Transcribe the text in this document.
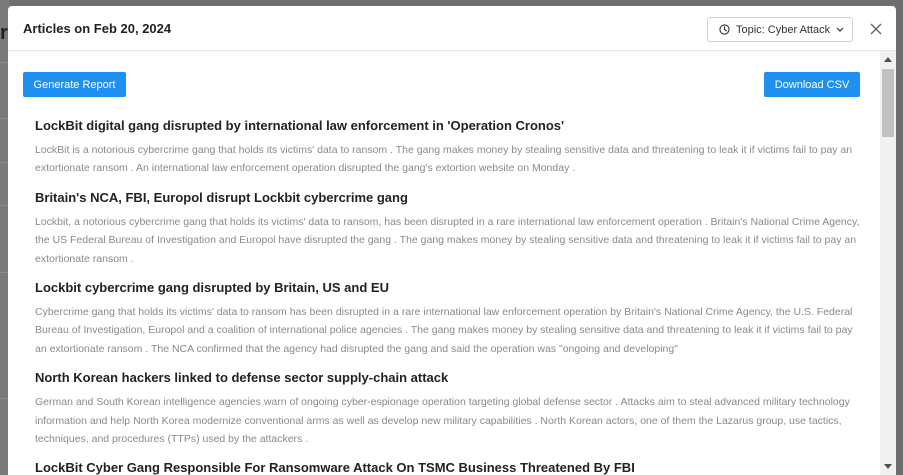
r Articles on Feb 20, 2024	Topic: Cyber Attack
Generate Report	Download CSV

LockBit digital gang disrupted by international law enforcement in 'Operation Cronos'

LockBit is a notorious cybercrime gang that holds its victims' data to ransom . The gang makes money by stealing sensitive data and threatening to leak it if victims fail to pay an extortionate ransom . An international law enforcement operation disrupted the gang's extortion website on Monday .

Britain's NCA, FBI, Europol disrupt Lockbit cybercrime gang

Lockbit, a notorious cybercrime gang that holds its victims' data to ransom, has been disrupted in a rare international law enforcement operation . Britain's National Crime Agency, the US Federal Bureau of Investigation and Europol have disrupted the gang . The gang makes money by stealing sensitive data and threatening to leak it if victims fail to pay an extortionate ransom .

Lockbit cybercrime gang disrupted by Britain, US and EU

Cybercrime gang that holds its victims' data to ransom has been disrupted in a rare international law enforcement operation by Britain's National Crime Agency, the U.S. Federal Bureau of Investigation, Europol and a coalition of international police agencies . The gang makes money by stealing sensitive data and threatening to leak it if victims fail to pay an extortionate ransom . The NCA confirmed that the agency had disrupted the gang and said the operation was "ongoing and developing"

North Korean hackers linked to defense sector supply-chain attack

German and South Korean intelligence agencies warn of ongoing cyber-espionage operation targeting global defense sector . Attacks aim to steal advanced military technology information and help North Korea modernize conventional arms as well as develop new military capabilities . North Korean actors, one of them the Lazarus group, use tactics, techniques, and procedures (TTPs) used by the attackers .

LockBit Cyber Gang Responsible For Ransomware Attack On TSMC Business Threatened By FBI
